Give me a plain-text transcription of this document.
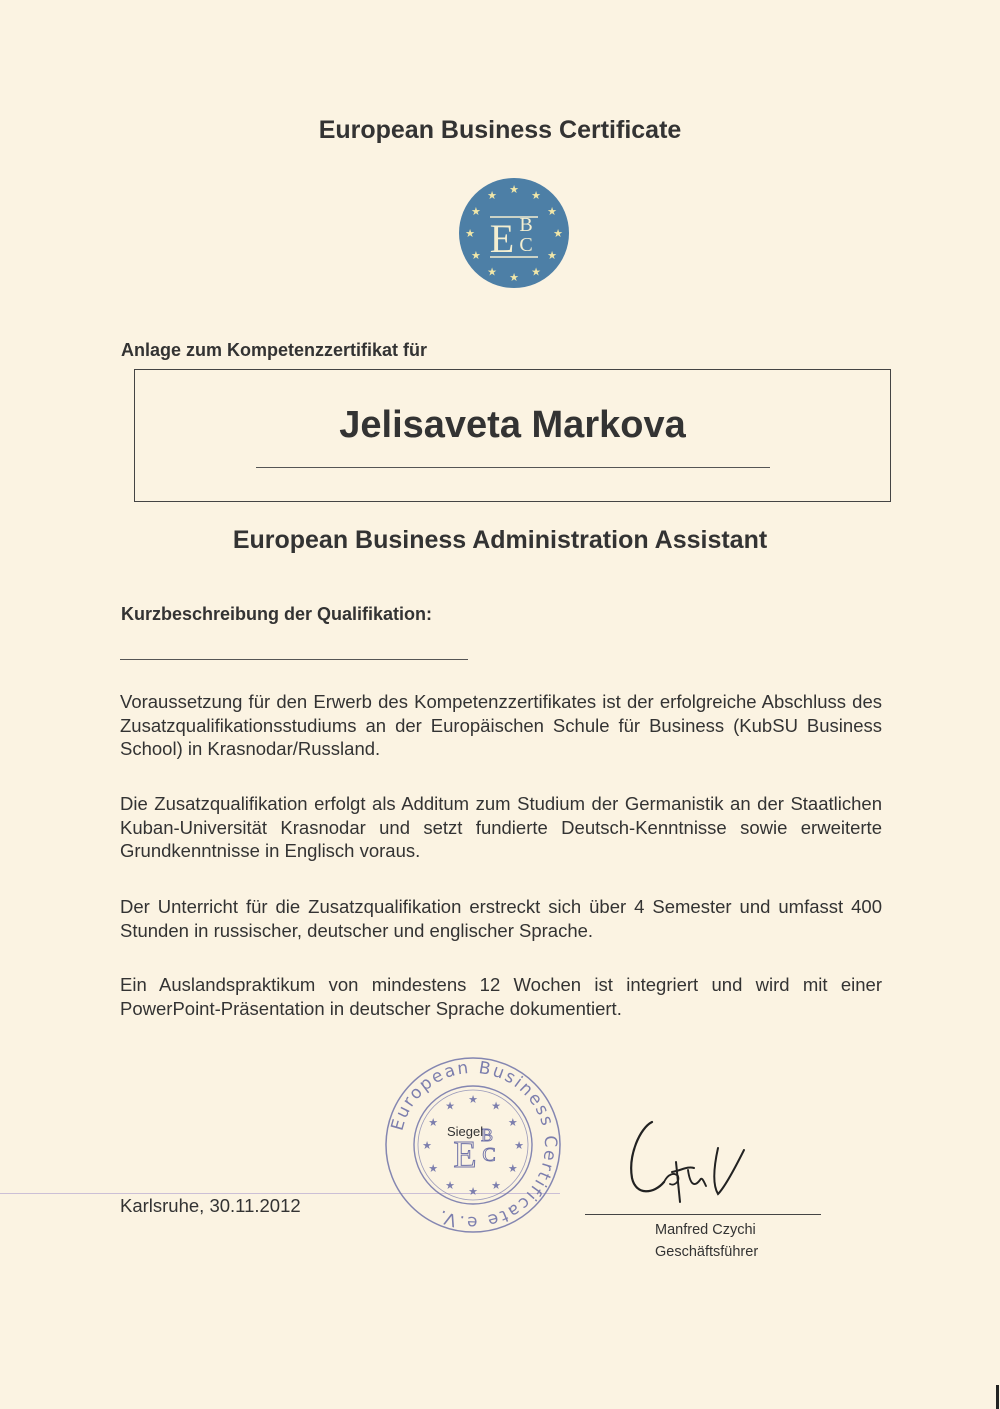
European Business Certificate
★ ★
★
★
★
★
★
★
★
★
★
★
E B
C
Anlage zum Kompetenzzertifikat für
Jelisaveta Markova
European Business Administration Assistant
Kurzbeschreibung der Qualifikation:

Voraussetzung für den Erwerb des Kompetenzzertifikates ist der erfolgreiche Abschluss des Zusatzqualifikationsstudiums an der Europäischen Schule für Business (KubSU Business School) in Krasnodar/Russland.

Die Zusatzqualifikation erfolgt als Additum zum Studium der Germanistik an der Staatlichen Kuban-Universität Krasnodar und setzt fundierte Deutsch-Kenntnisse sowie erweiterte Grundkenntnisse in Englisch voraus.

Der Unterricht für die Zusatzqualifikation erstreckt sich über 4 Semester und umfasst 400 Stunden in russischer, deutscher und englischer Sprache.

Ein Auslandspraktikum von mindestens 12 Wochen ist integriert und wird mit einer PowerPoint-Präsentation in deutscher Sprache dokumentiert.

Karlsruhe, 30.11.2012
European Business Certificate e.V.
★ ★
★
★
★
★
★
★
★
★
★
★
E B
C
Siegel
Manfred Czychi
Geschäftsführer
